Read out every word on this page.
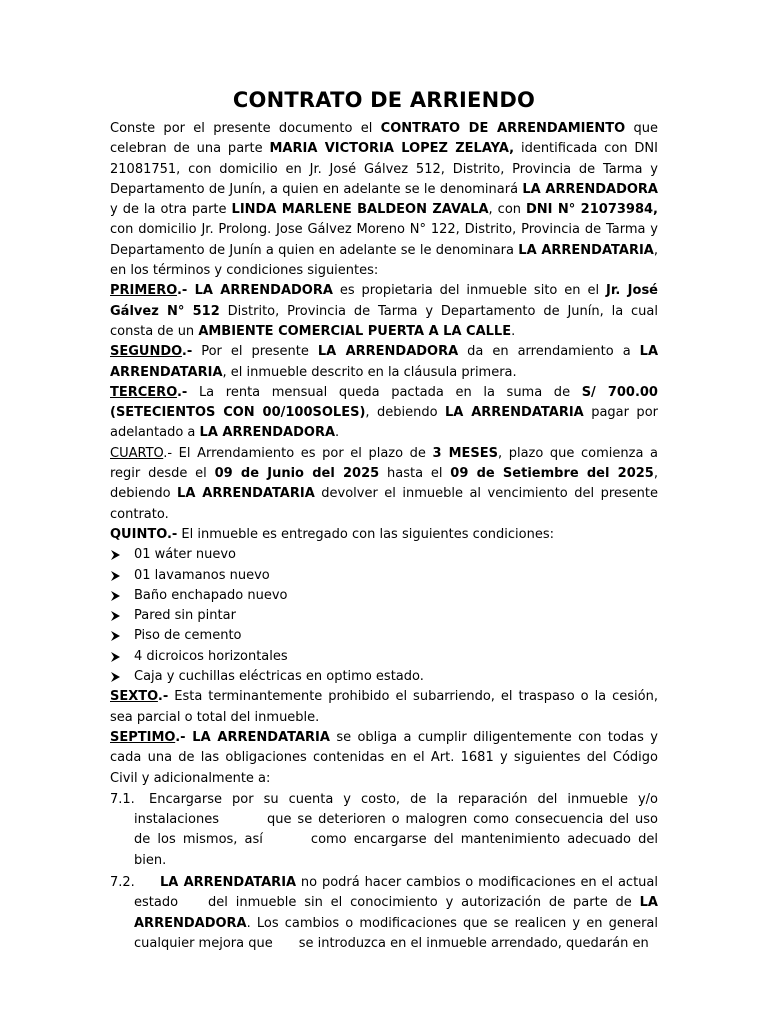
CONTRATO DE ARRIENDO

Conste por el presente documento el CONTRATO DE ARRENDAMIENTO que celebran de una parte MARIA VICTORIA LOPEZ ZELAYA, identificada con DNI 21081751, con domicilio en Jr. José Gálvez 512, Distrito, Provincia de Tarma y Departamento de Junín, a quien en adelante se le denominará LA ARRENDADORA y de la otra parte LINDA MARLENE BALDEON ZAVALA, con DNI N° 21073984, con domicilio Jr. Prolong. Jose Gálvez Moreno N° 122, Distrito, Provincia de Tarma y Departamento de Junín a quien en adelante se le denominara LA ARRENDATARIA, en los términos y condiciones siguientes:

PRIMERO.- LA ARRENDADORA es propietaria del inmueble sito en el Jr. José Gálvez N° 512 Distrito, Provincia de Tarma y Departamento de Junín, la cual consta de un AMBIENTE COMERCIAL PUERTA A LA CALLE.

SEGUNDO.- Por el presente LA ARRENDADORA da en arrendamiento a LA ARRENDATARIA, el inmueble descrito en la cláusula primera.

TERCERO.- La renta mensual queda pactada en la suma de S/ 700.00 (SETECIENTOS CON 00/100SOLES), debiendo LA ARRENDATARIA pagar por adelantado a LA ARRENDADORA.

CUARTO.- El Arrendamiento es por el plazo de 3 MESES, plazo que comienza a regir desde el 09 de Junio del 2025 hasta el 09 de Setiembre del 2025, debiendo LA ARRENDATARIA devolver el inmueble al vencimiento del presente contrato.

QUINTO.- El inmueble es entregado con las siguientes condiciones:

01 wáter nuevo
01 lavamanos nuevo
Baño enchapado nuevo
Pared sin pintar
Piso de cemento
4 dicroicos horizontales
Caja y cuchillas eléctricas en optimo estado.

SEXTO.- Esta terminantemente prohibido el subarriendo, el traspaso o la cesión, sea parcial o total del inmueble.

SEPTIMO.- LA ARRENDATARIA se obliga a cumplir diligentemente con todas y cada una de las obligaciones contenidas en el Art. 1681 y siguientes del Código Civil y adicionalmente a:

7.1. Encargarse por su cuenta y costo, de la reparación del inmueble y/o instalaciones	que se deterioren o malogren como consecuencia del uso de los mismos, así	como encargarse del mantenimiento adecuado del bien.
7.2. LA ARRENDATARIA no podrá hacer cambios o modificaciones en el actual estado del inmueble sin el conocimiento y autorización de parte de LA ARRENDADORA. Los cambios o modificaciones que se realicen y en general cualquier mejora que se introduzca en el inmueble arrendado, quedarán en
